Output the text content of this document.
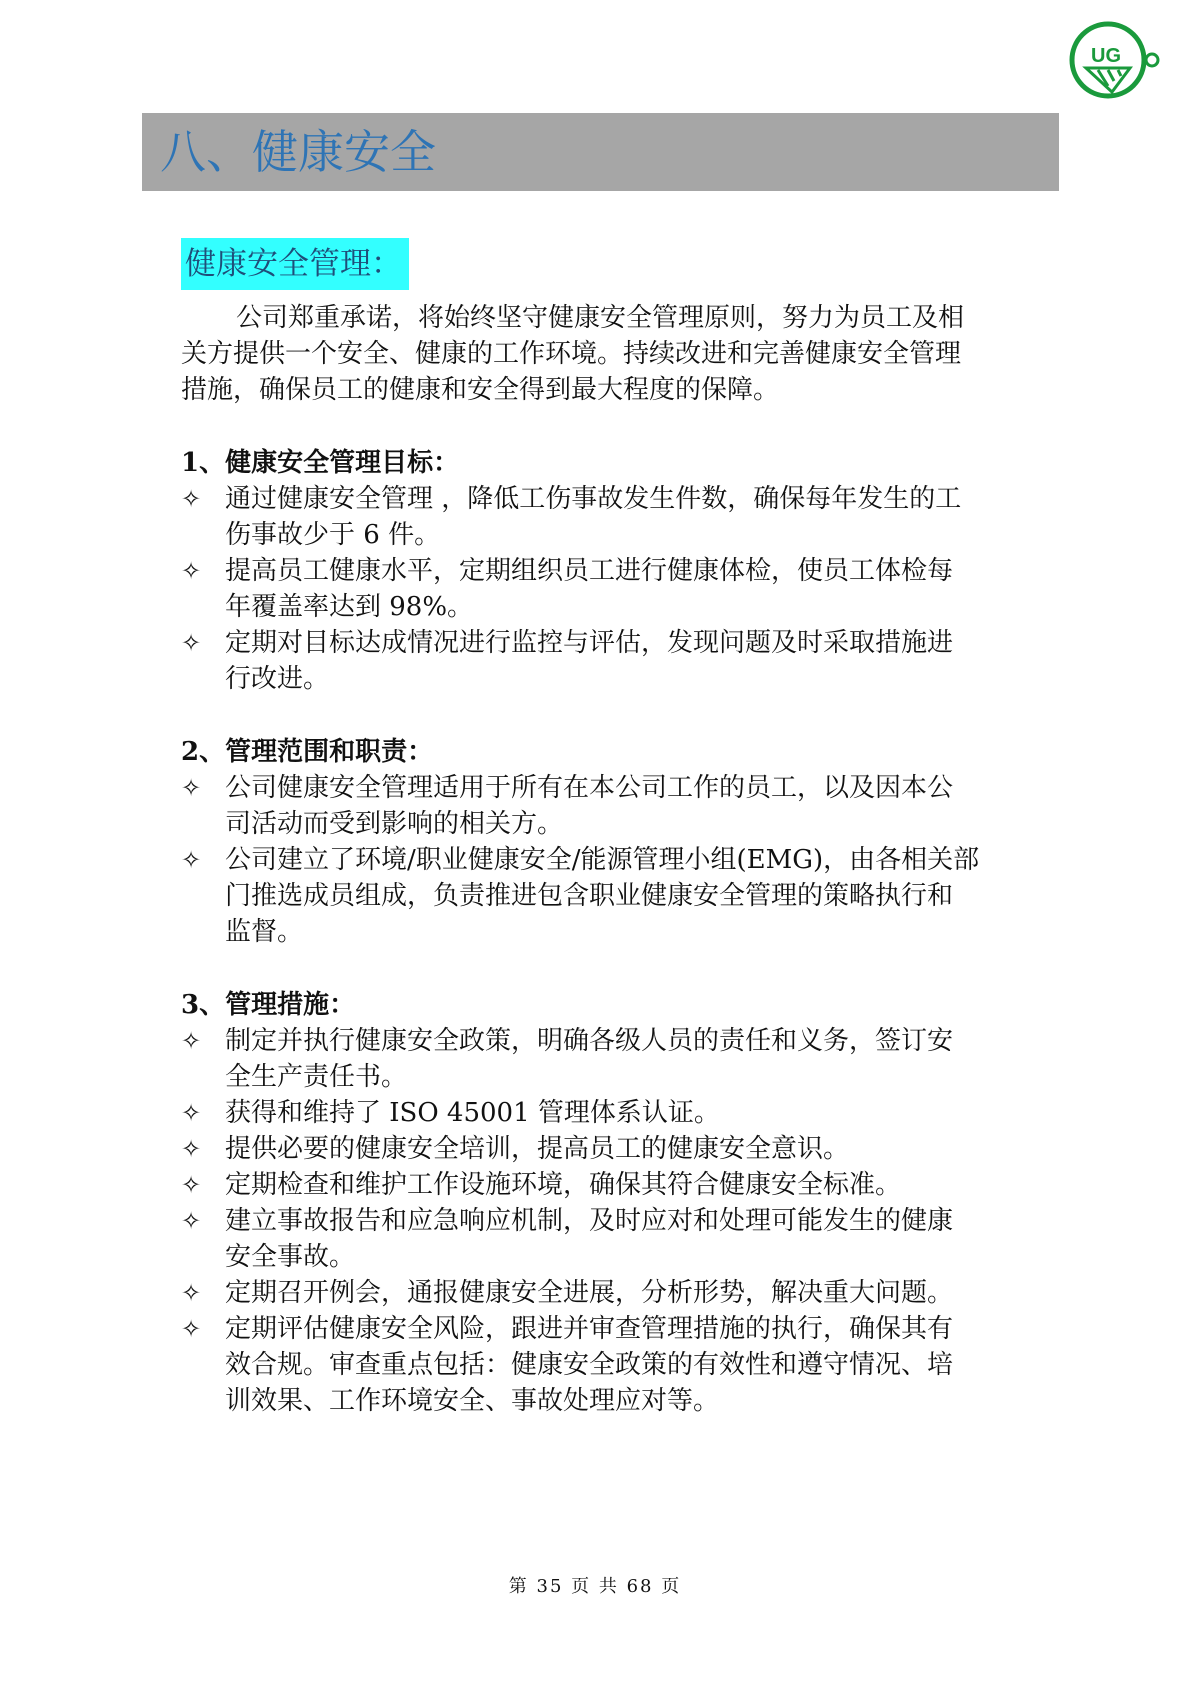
UG
八、健康安全
健康安全管理：

公司郑重承诺，将始终坚守健康安全管理原则，努力为员工及相
关方提供一个安全、健康的工作环境。持续改进和完善健康安全管理
措施，确保员工的健康和安全得到最大程度的保障。

1、健康安全管理目标：
✧ 通过健康安全管理 ，降低工伤事故发生件数，确保每年发生的工
伤事故少于 6 件。
✧ 提高员工健康水平，定期组织员工进行健康体检，使员工体检每
年覆盖率达到 98%。
✧ 定期对目标达成情况进行监控与评估，发现问题及时采取措施进
行改进。
2、管理范围和职责：
✧ 公司健康安全管理适用于所有在本公司工作的员工，以及因本公
司活动而受到影响的相关方。
✧ 公司建立了环境/职业健康安全/能源管理小组(EMG)，由各相关部
门推选成员组成，负责推进包含职业健康安全管理的策略执行和
监督。
3、管理措施：
✧ 制定并执行健康安全政策，明确各级人员的责任和义务，签订安
全生产责任书。
✧ 获得和维持了 ISO 45001 管理体系认证。
✧ 提供必要的健康安全培训，提高员工的健康安全意识。
✧ 定期检查和维护工作设施环境，确保其符合健康安全标准。
✧ 建立事故报告和应急响应机制，及时应对和处理可能发生的健康
安全事故。
✧ 定期召开例会，通报健康安全进展，分析形势，解决重大问题。
✧ 定期评估健康安全风险，跟进并审查管理措施的执行，确保其有
效合规。审查重点包括：健康安全政策的有效性和遵守情况、培
训效果、工作环境安全、事故处理应对等。
第 35 页 共 68 页
